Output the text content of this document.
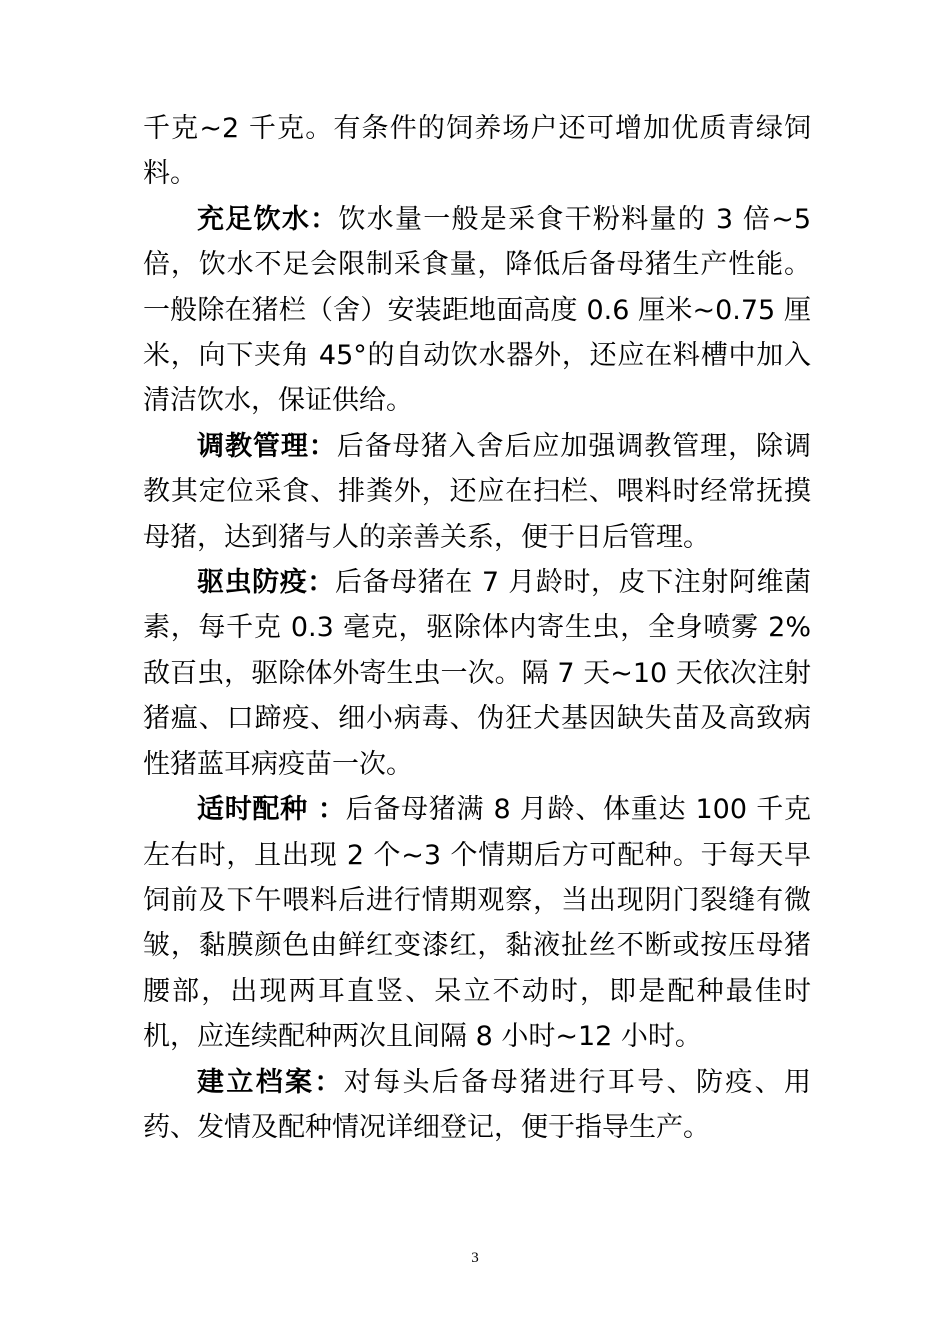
千克~2 千克。有条件的饲养场户还可增加优质青绿饲料。

充足饮水：饮水量一般是采食干粉料量的 3 倍~5 倍，饮水不足会限制采食量，降低后备母猪生产性能。一般除在猪栏（舍）安装距地面高度 0.6 厘米~0.75 厘米，向下夹角 45°的自动饮水器外，还应在料槽中加入清洁饮水，保证供给。

调教管理：后备母猪入舍后应加强调教管理，除调教其定位采食、排粪外，还应在扫栏、喂料时经常抚摸母猪，达到猪与人的亲善关系，便于日后管理。

驱虫防疫：后备母猪在 7 月龄时，皮下注射阿维菌素，每千克 0.3 毫克，驱除体内寄生虫，全身喷雾 2%敌百虫，驱除体外寄生虫一次。隔 7 天~10 天依次注射猪瘟、口蹄疫、细小病毒、伪狂犬基因缺失苗及高致病性猪蓝耳病疫苗一次。

适时配种 ：后备母猪满 8 月龄、体重达 100 千克左右时，且出现 2 个~3 个情期后方可配种。于每天早饲前及下午喂料后进行情期观察，当出现阴门裂缝有微皱，黏膜颜色由鲜红变漆红，黏液扯丝不断或按压母猪腰部，出现两耳直竖、呆立不动时，即是配种最佳时机，应连续配种两次且间隔 8 小时~12 小时。

建立档案：对每头后备母猪进行耳号、防疫、用药、发情及配种情况详细登记，便于指导生产。

3
